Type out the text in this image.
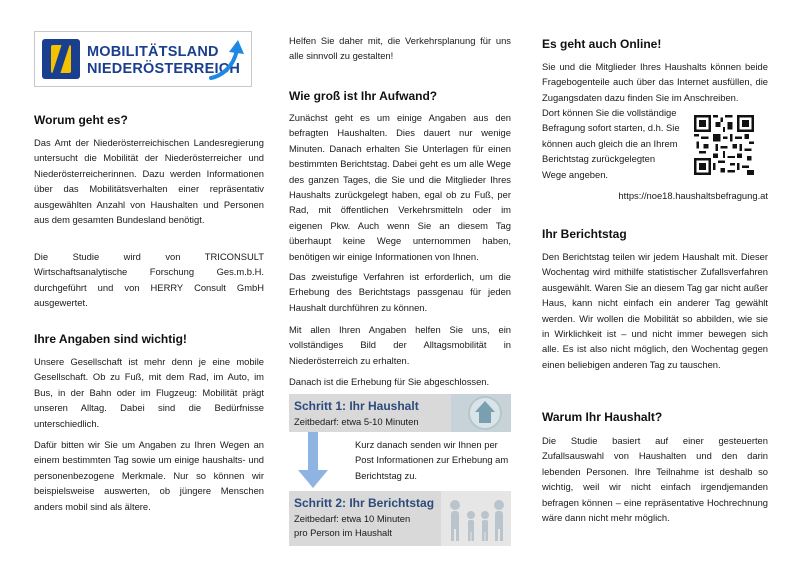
MOBILITÄTSLAND
NIEDERÖSTERREICH
Worum geht es?

Das Amt der Niederösterreichischen Landesregierung untersucht die Mobilität der Niederösterreicher und Niederösterreicherinnen. Dazu werden Informationen über das Mobilitätsverhalten einer repräsentativ ausgewählten Anzahl von Haushalten und Personen aus dem gesamten Bundesland benötigt.

Die Studie wird von TRICONSULT Wirtschaftsanalytische Forschung Ges.m.b.H. durchgeführt und von HERRY Consult GmbH ausgewertet.

Ihre Angaben sind wichtig!

Unsere Gesellschaft ist mehr denn je eine mobile Gesellschaft. Ob zu Fuß, mit dem Rad, im Auto, im Bus, in der Bahn oder im Flugzeug: Mobilität prägt unseren Alltag. Dabei sind die Bedürfnisse unterschiedlich.

Dafür bitten wir Sie um Angaben zu Ihren Wegen an einem bestimmten Tag sowie um einige haushalts- und personenbezogene Merkmale. Nur so können wir beispielsweise auswerten, ob jüngere Menschen anders mobil sind als ältere.

Helfen Sie daher mit, die Verkehrsplanung für uns alle sinnvoll zu gestalten!

Wie groß ist Ihr Aufwand?

Zunächst geht es um einige Angaben aus den befragten Haushalten. Dies dauert nur wenige Minuten. Danach erhalten Sie Unterlagen für einen bestimmten Berichtstag. Dabei geht es um alle Wege des ganzen Tages, die Sie und die Mitglieder Ihres Haushalts zurückgelegt haben, egal ob zu Fuß, per Rad, mit öffentlichen Verkehrsmitteln oder im eigenen Pkw. Auch wenn Sie an diesem Tag überhaupt keine Wege unternommen haben, benötigen wir einige Informationen von Ihnen.

Das zweistufige Verfahren ist erforderlich, um die Erhebung des Berichtstags passgenau für jeden Haushalt durchführen zu können.

Mit allen Ihren Angaben helfen Sie uns, ein vollständiges Bild der Alltagsmobilität in Niederösterreich zu erhalten.

Danach ist die Erhebung für Sie abgeschlossen.

Schritt 1: Ihr Haushalt
Zeitbedarf: etwa 5-10 Minuten

Kurz danach senden wir Ihnen per Post Informationen zur Erhebung am Berichtstag zu.

Schritt 2: Ihr Berichtstag
Zeitbedarf: etwa 10 Minuten
pro Person im Haushalt
Es geht auch Online!

Sie und die Mitglieder Ihres Haushalts können beide Fragebogenteile auch über das Internet ausfüllen, die Zugangsdaten dazu finden Sie im Anschreiben.

Dort können Sie die vollständige
Befragung sofort starten, d.h. Sie
können auch gleich die an Ihrem
Berichtstag zurückgelegten
Wege angeben.
https://noe18.haushaltsbefragung.at
Ihr Berichtstag

Den Berichtstag teilen wir jedem Haushalt mit. Dieser Wochentag wird mithilfe statistischer Zufallsverfahren ausgewählt. Waren Sie an diesem Tag gar nicht außer Haus, kann nicht einfach ein anderer Tag gewählt werden. Wir wollen die Mobilität so abbilden, wie sie in Wirklichkeit ist – und nicht immer bewegen sich alle. Es ist also nicht möglich, den Wochentag gegen einen beliebigen anderen Tag zu tauschen.

Warum Ihr Haushalt?

Die Studie basiert auf einer gesteuerten Zufallsauswahl von Haushalten und den darin lebenden Personen. Ihre Teilnahme ist deshalb so wichtig, weil wir nicht einfach irgendjemanden befragen können – eine repräsentative Hochrechnung wäre dann nicht mehr möglich.
